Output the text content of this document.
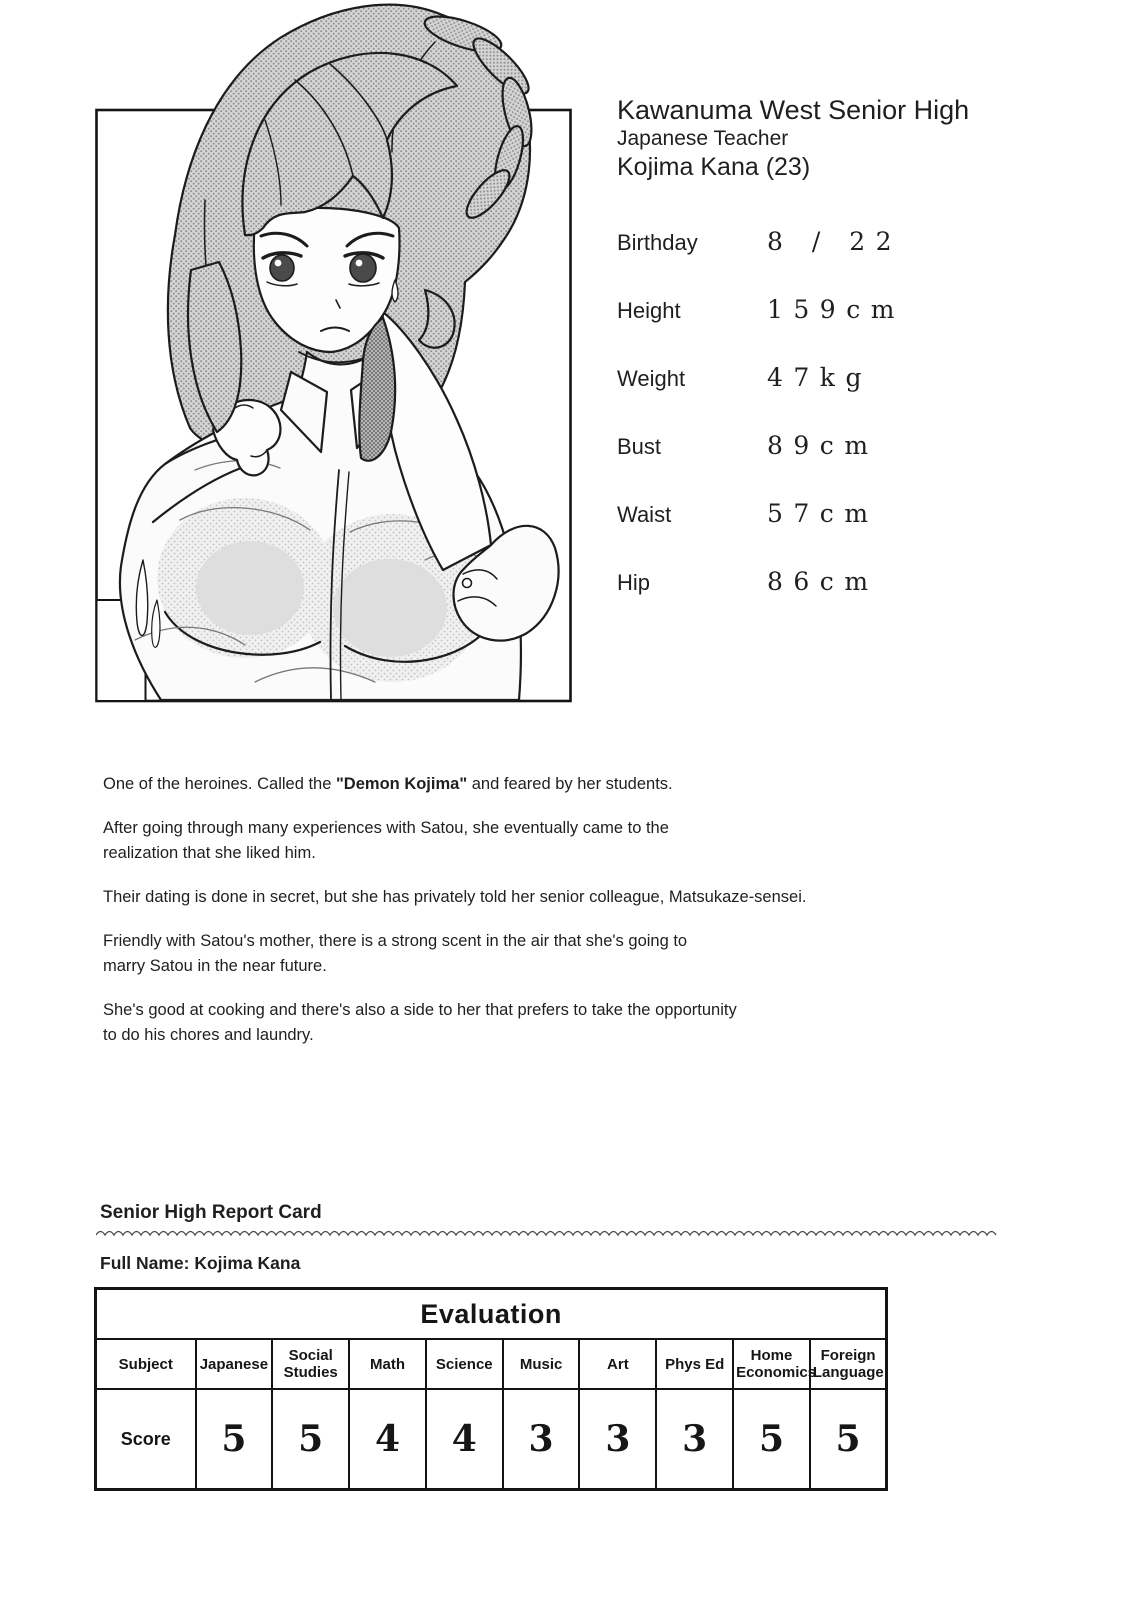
Kawanuma West Senior High
Japanese Teacher
Kojima Kana (23)
Birthday	8 / 22
Height	159cm
Weight	47kg
Bust	89cm
Waist	57cm
Hip	86cm

One of the heroines. Called the "Demon Kojima" and feared by her students.

After going through many experiences with Satou, she eventually came to the
realization that she liked him.

Their dating is done in secret, but she has privately told her senior colleague, Matsukaze-sensei.

Friendly with Satou's mother, there is a strong scent in the air that she's going to
marry Satou in the near future.

She's good at cooking and there's also a side to her that prefers to take the opportunity
to do his chores and laundry.

Senior High Report Card
Full Name: Kojima Kana
Evaluation									
Subject	Japanese	Social Studies	Math	Science	Music	Art	Phys Ed	Home Economics	Foreign Language
Score	5	5	4	4	3	3	3	5	5
